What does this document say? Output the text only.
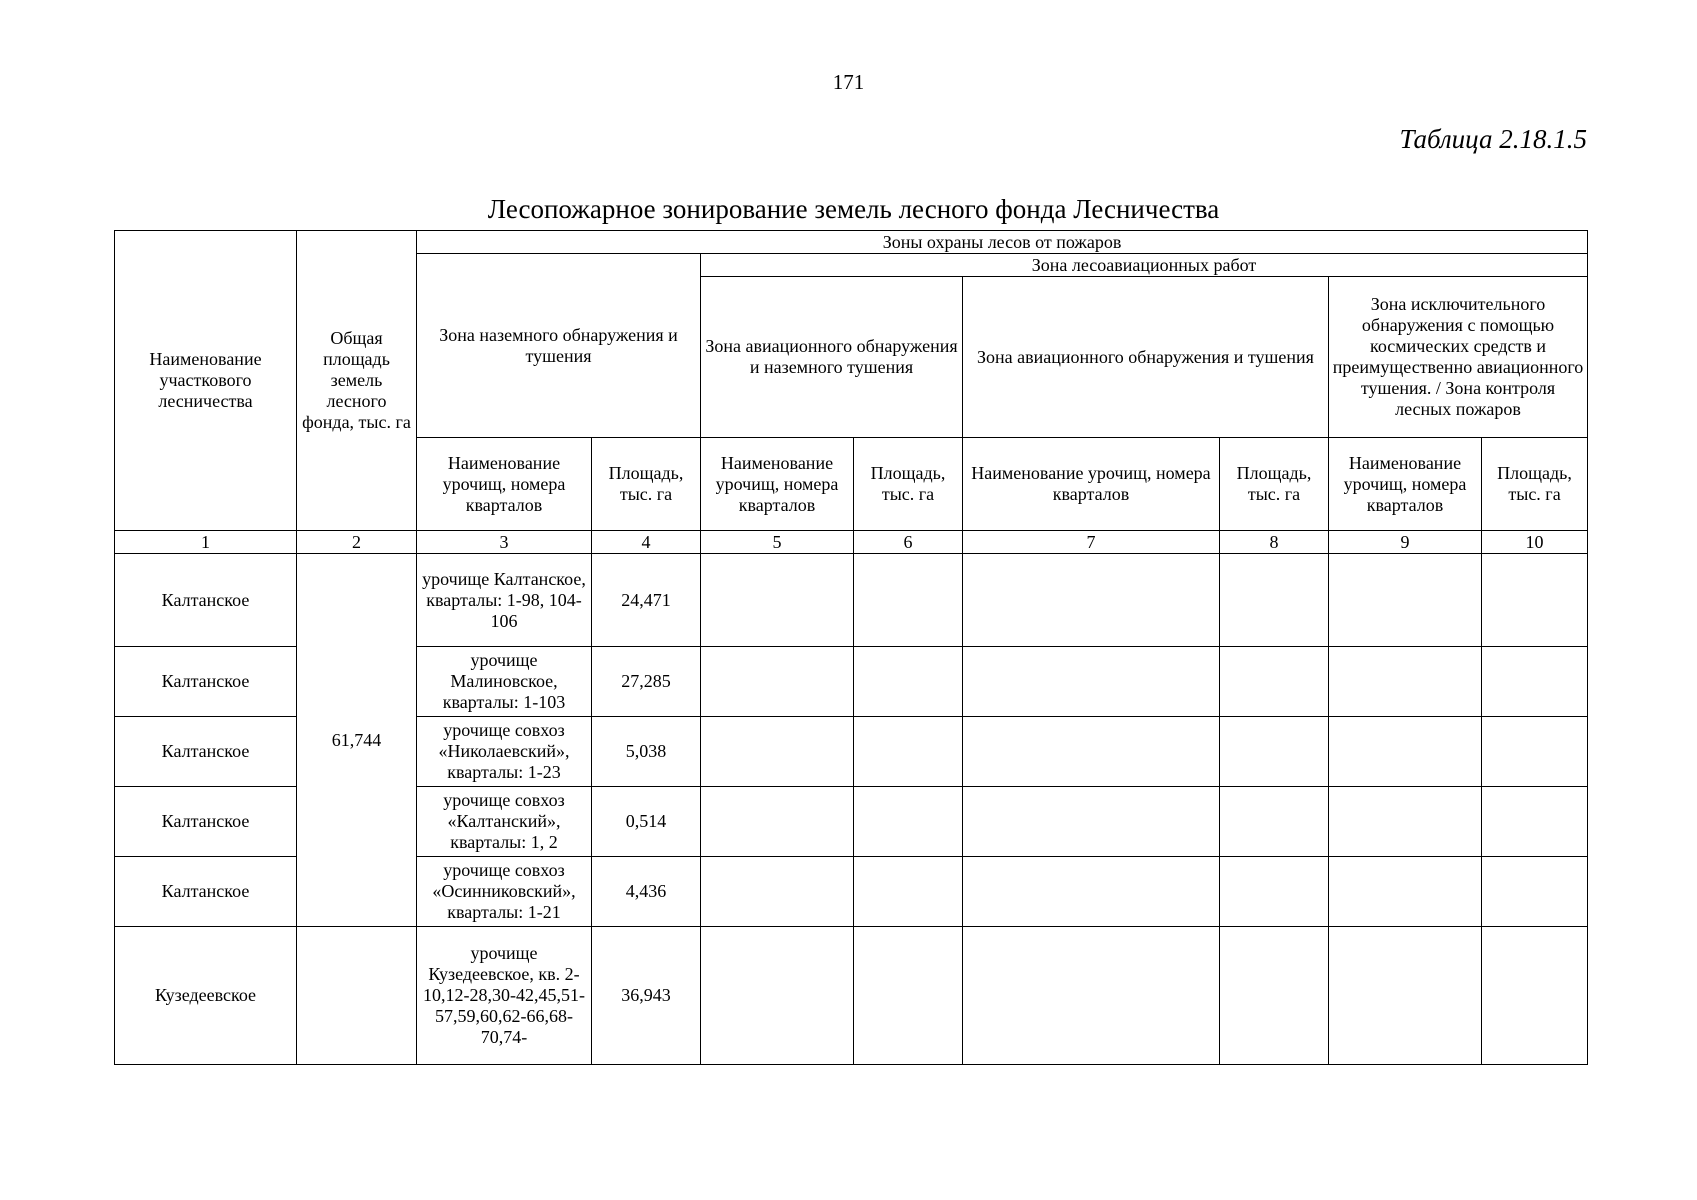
171
Таблица 2.18.1.5
Лесопожарное зонирование земель лесного фонда Лесничества
Наименование участкового лесничества	Общая площадь земель лесного фонда, тыс. га	Зоны охраны лесов от пожаров							

		Зона наземного обнаружения и тушения		Зона лесоавиационных работ					

				Зона авиационного обнаружения и наземного тушения		Зона авиационного обнаружения и тушения		Зона исключительного обнаружения с помощью космических средств и преимущественно авиационного тушения. / Зона контроля лесных пожаров	

		Наименование урочищ, номера кварталов	Площадь, тыс. га	Наименование урочищ, номера кварталов	Площадь, тыс. га	Наименование урочищ, номера кварталов	Площадь, тыс. га	Наименование урочищ, номера кварталов	Площадь, тыс. га
1	2	3	4	5	6	7	8	9	10
Калтанское	61,744	урочище Калтанское, кварталы: 1-98, 104-106	24,471						
Калтанское		урочище Малиновское, кварталы: 1-103	27,285						
Калтанское		урочище совхоз «Николаевский», кварталы: 1-23	5,038						
Калтанское		урочище совхоз «Калтанский», кварталы: 1, 2	0,514						
Калтанское		урочище совхоз «Осинниковский», кварталы: 1-21	4,436						
Кузедеевское		урочище Кузедеевское, кв. 2-10,12-28,30-42,45,51-57,59,60,62-66,68-70,74-	36,943						
